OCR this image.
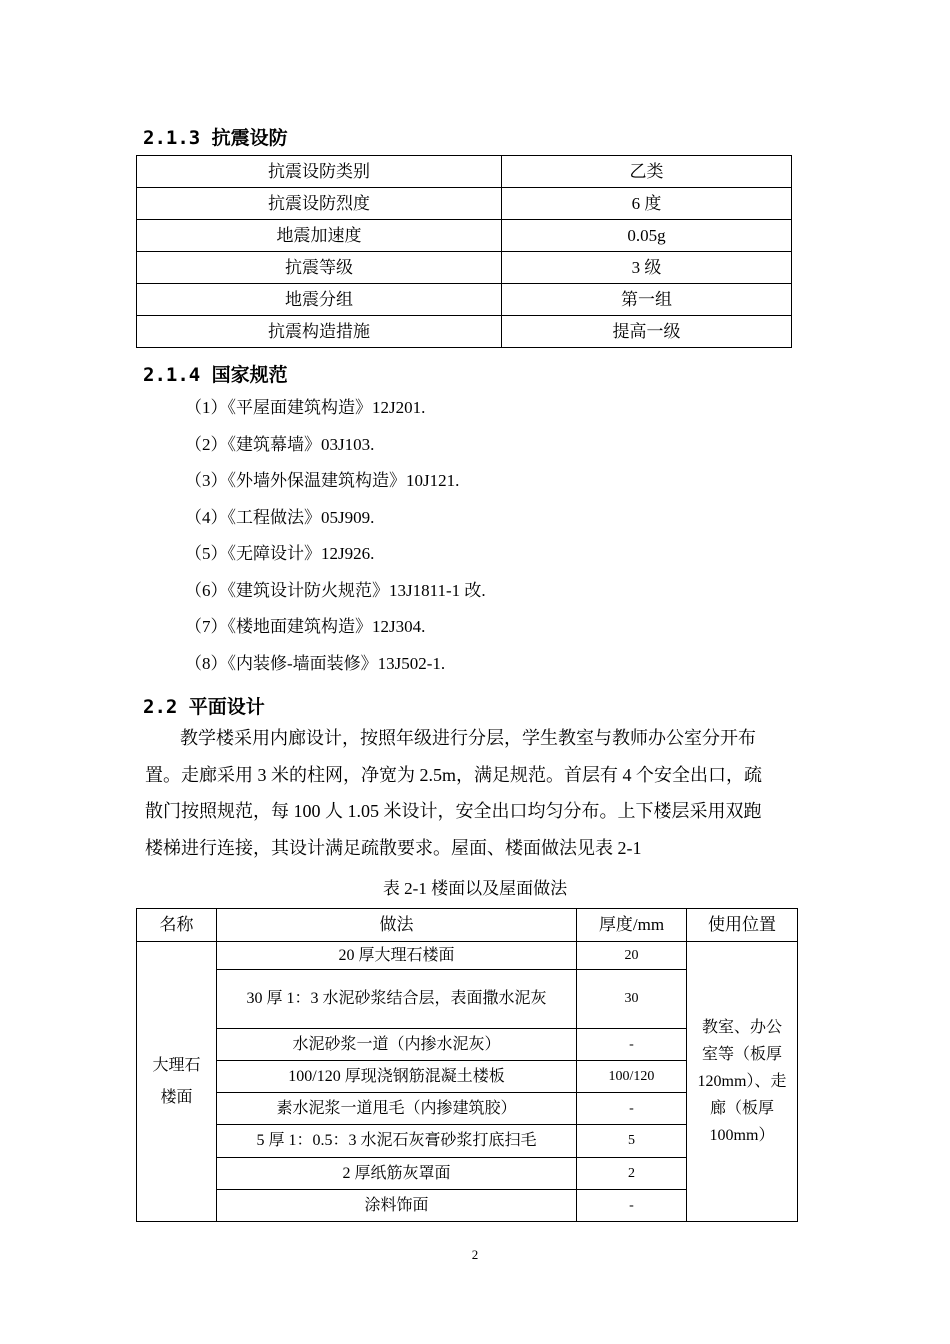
2.1.3 抗震设防
抗震设防类别	乙类
抗震设防烈度	6 度
地震加速度	0.05g
抗震等级	3 级
地震分组	第一组
抗震构造措施	提高一级
2.1.4 国家规范
（1）《平屋面建筑构造》12J201.
（2）《建筑幕墙》03J103.
（3）《外墙外保温建筑构造》10J121.
（4）《工程做法》05J909.
（5）《无障设计》12J926.
（6）《建筑设计防火规范》13J1811-1 改.
（7）《楼地面建筑构造》12J304.
（8）《内装修-墙面装修》13J502-1.
2.2 平面设计
教学楼采用内廊设计，按照年级进行分层，学生教室与教师办公室分开布
置。走廊采用 3 米的柱网，净宽为 2.5m，满足规范。首层有 4 个安全出口，疏
散门按照规范，每 100 人 1.05 米设计，安全出口均匀分布。上下楼层采用双跑
楼梯进行连接，其设计满足疏散要求。屋面、楼面做法见表 2-1
表 2-1 楼面以及屋面做法
名称	做法	厚度/mm	使用位置
大理石楼面	20 厚大理石楼面	20	教室、办公室等（板厚120mm）、走廊（板厚 100mm）
	30 厚 1：3 水泥砂浆结合层，表面撒水泥灰	30	
	水泥砂浆一道（内掺水泥灰）	-	
	100/120 厚现浇钢筋混凝土楼板	100/120	
	素水泥浆一道甩毛（内掺建筑胶）	-	
	5 厚 1：0.5：3 水泥石灰膏砂浆打底扫毛	5	
	2 厚纸筋灰罩面	2	
	涂料饰面	-	
2
